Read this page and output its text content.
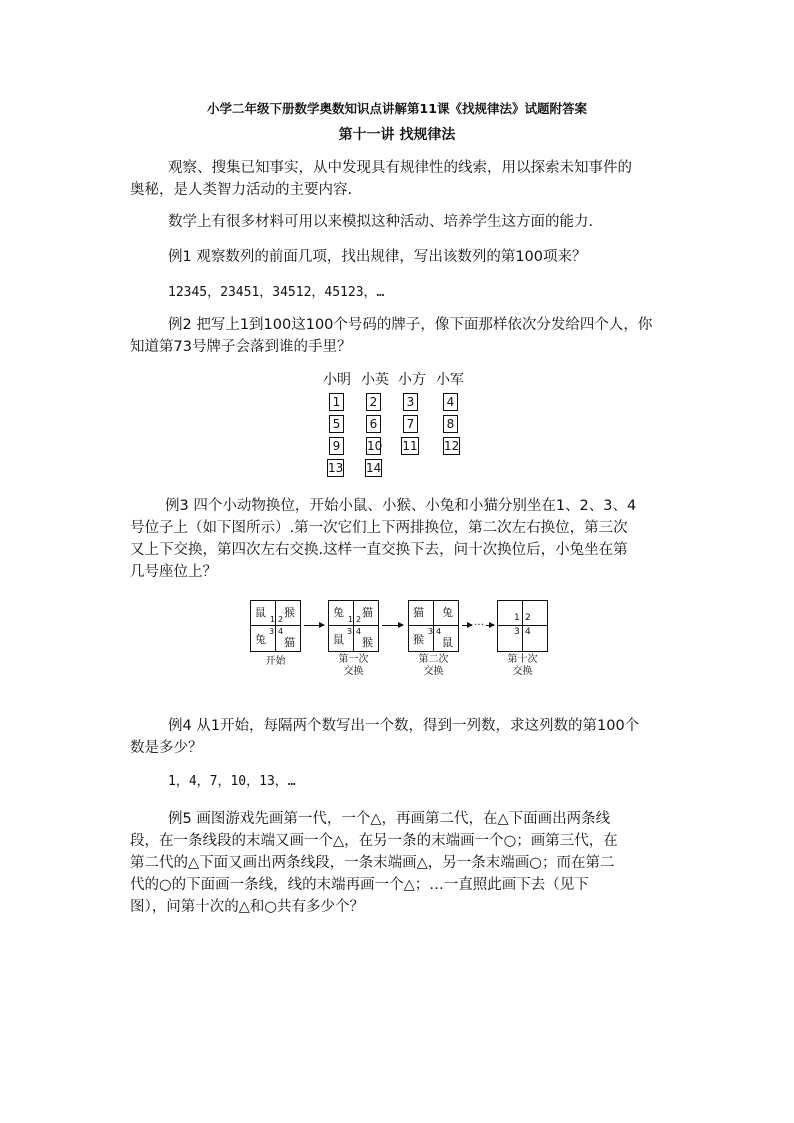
小学二年级下册数学奥数知识点讲解第11课《找规律法》试题附答案
第十一讲 找规律法
观察、搜集已知事实，从中发现具有规律性的线索，用以探索未知事件的
奥秘，是人类智力活动的主要内容.
数学上有很多材料可用以来模拟这种活动、培养学生这方面的能力.
例1 观察数列的前面几项，找出规律，写出该数列的第100项来？
12345，23451，34512，45123，…
例2 把写上1到100这100个号码的牌子，像下面那样依次分发给四个人，你
知道第73号牌子会落到谁的手里？
小明 小英 小方 小军
1	2	3	4
5	6	7	8
9	10 11 12
13 14
例3 四个小动物换位，开始小鼠、小猴、小兔和小猫分别坐在1、2、3、4
号位子上（如下图所示）.第一次它们上下两排换位，第二次左右换位，第三次
又上下交换，第四次左右交换.这样一直交换下去，问十次换位后，小兔坐在第
几号座位上？
鼠 猴
兔 猫
1 2
3 4
开始
兔 猫
鼠 猴
1 2
3 4
第一次
交换
猫 兔
猴 鼠
3 4
第二次
交换
…	1 2
3 4
第十次
交换
例4 从1开始，每隔两个数写出一个数，得到一列数，求这列数的第100个
数是多少？
1，4，7，10，13，…
例5 画图游戏先画第一代，一个△，再画第二代，在△下面画出两条线
段，在一条线段的末端又画一个△，在另一条的末端画一个○；画第三代，在
第二代的△下面又画出两条线段，一条末端画△，另一条末端画○；而在第二
代的○的下面画一条线，线的末端再画一个△；…一直照此画下去（见下
图），问第十次的△和○共有多少个？
